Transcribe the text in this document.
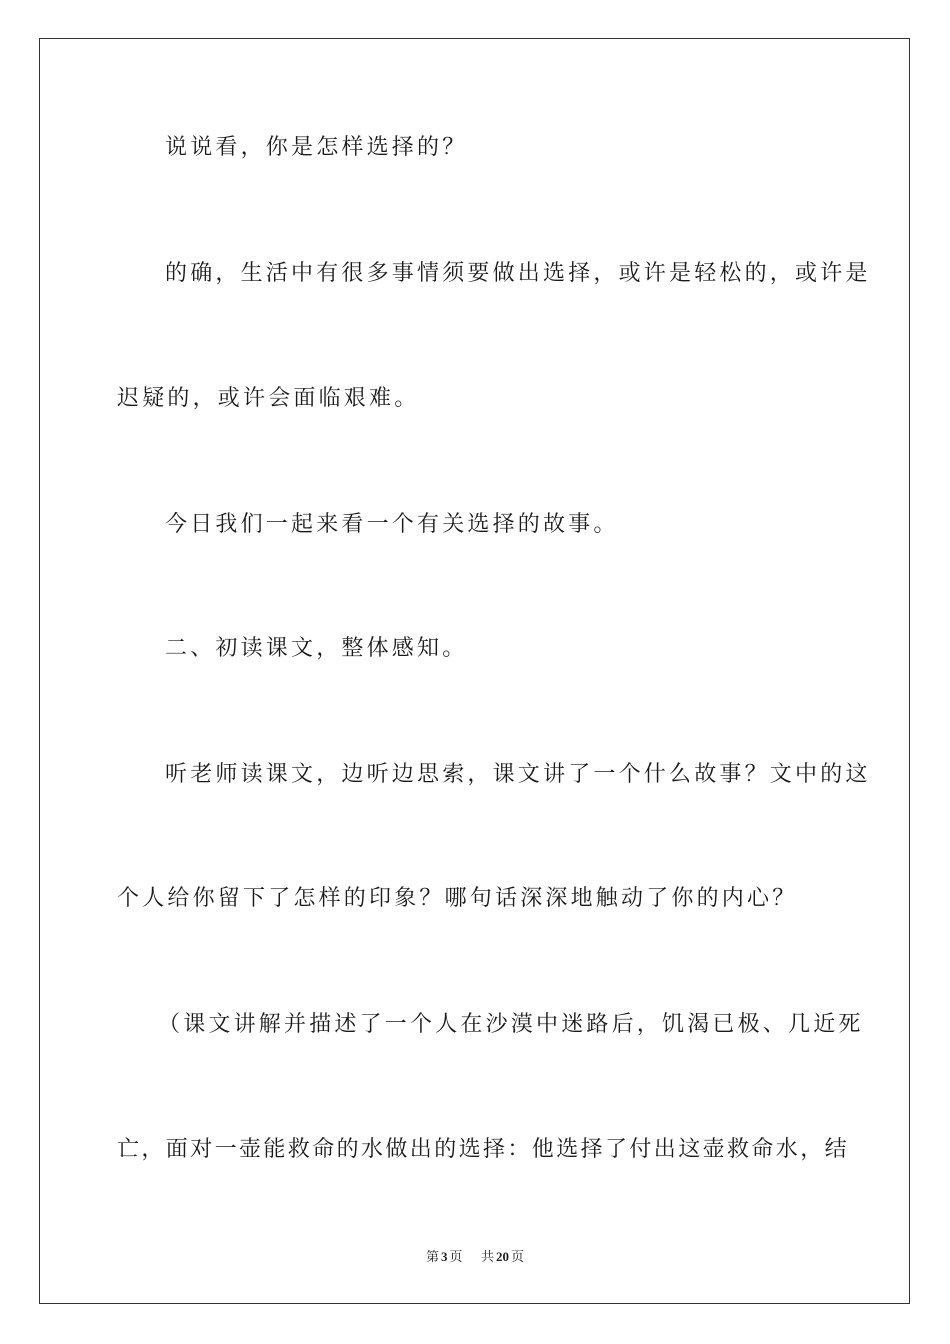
说说看，你是怎样选择的？
的确，生活中有很多事情须要做出选择，或许是轻松的，或许是
迟疑的，或许会面临艰难。
今日我们一起来看一个有关选择的故事。
二、初读课文，整体感知。
听老师读课文，边听边思索，课文讲了一个什么故事？文中的这
个人给你留下了怎样的印象？哪句话深深地触动了你的内心？
（课文讲解并描述了一个人在沙漠中迷路后，饥渴已极、几近死
亡，面对一壶能救命的水做出的选择：他选择了付出这壶救命水，结
第 3 页 共 20 页
